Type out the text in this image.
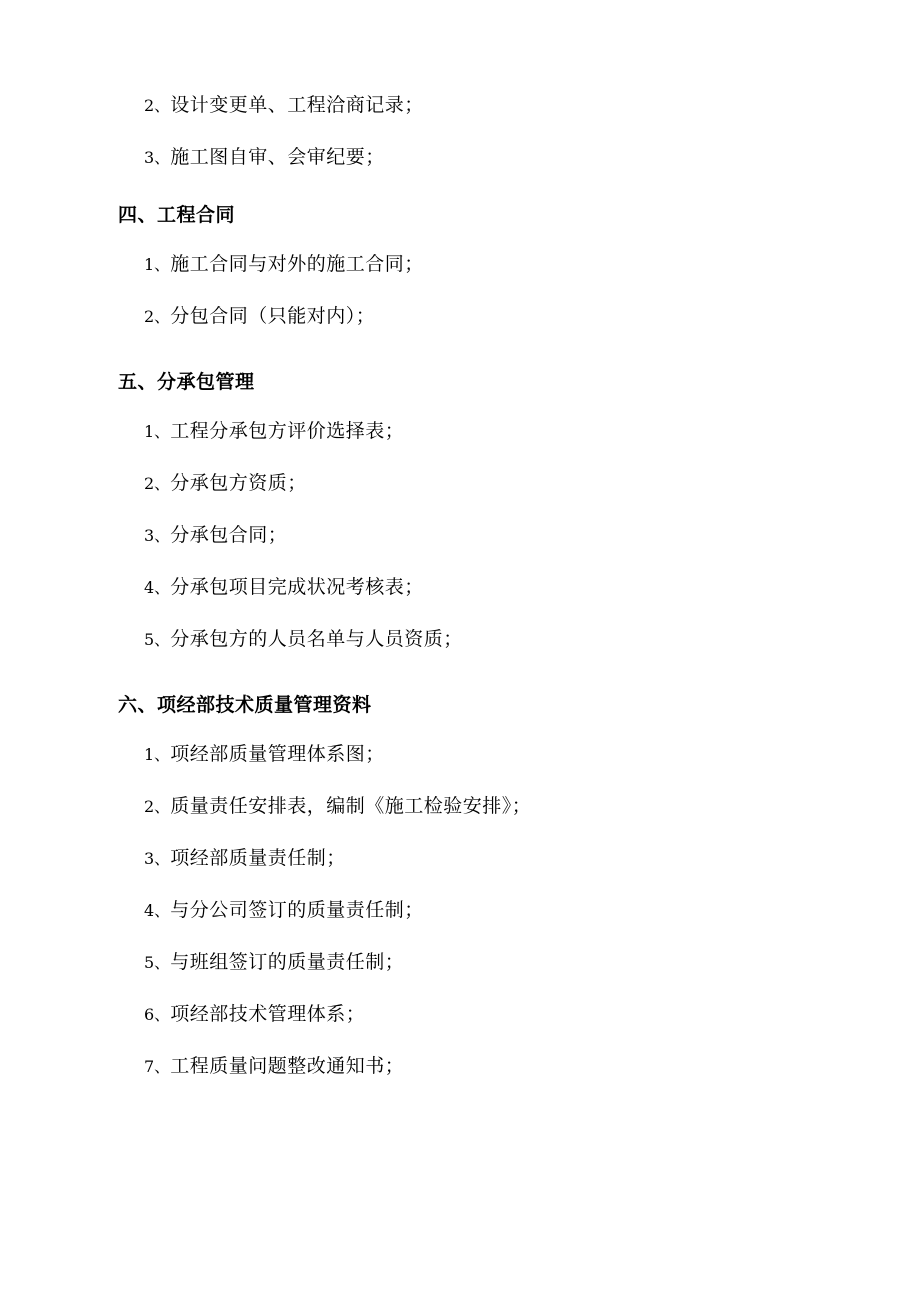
2、设计变更单、工程洽商记录；
3、施工图自审、会审纪要；
四、工程合同
1、施工合同与对外的施工合同；
2、分包合同（只能对内）；
五、分承包管理
1、工程分承包方评价选择表；
2、分承包方资质；
3、分承包合同；
4、分承包项目完成状况考核表；
5、分承包方的人员名单与人员资质；
六、项经部技术质量管理资料
1、项经部质量管理体系图；
2、质量责任安排表，编制《施工检验安排》；
3、项经部质量责任制；
4、与分公司签订的质量责任制；
5、与班组签订的质量责任制；
6、项经部技术管理体系；
7、工程质量问题整改通知书；
